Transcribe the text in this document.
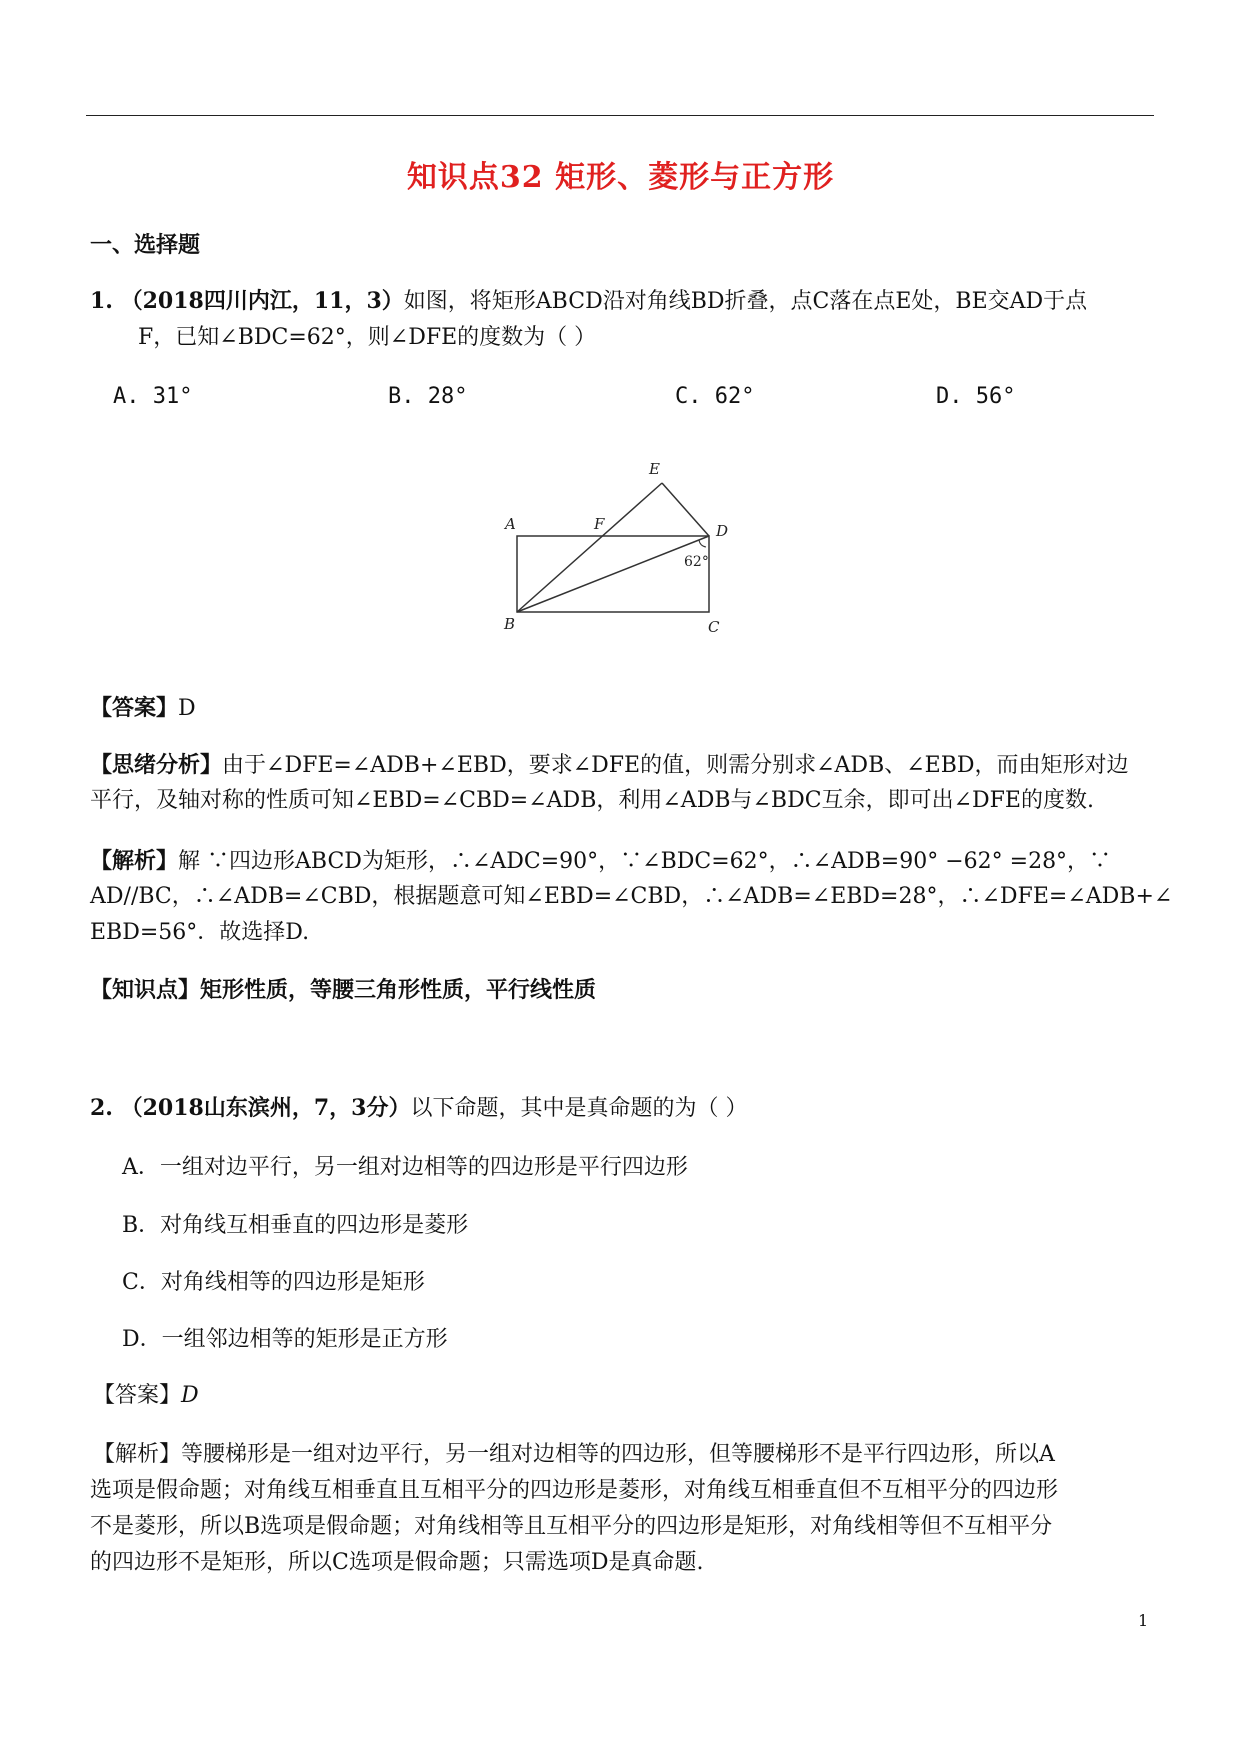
知识点32 矩形、菱形与正方形
一、选择题
1. （2018四川内江，11，3）如图，将矩形ABCD沿对角线BD折叠，点C落在点E处，BE交AD于点
F，已知∠BDC=62°，则∠DFE的度数为（ ）
A. 31°	B. 28°	C. 62°	D. 56°
A
B	C
D
E
F
62°
【答案】D
【思绪分析】由于∠DFE=∠ADB+∠EBD，要求∠DFE的值，则需分别求∠ADB、∠EBD，而由矩形对边
平行，及轴对称的性质可知∠EBD=∠CBD=∠ADB，利用∠ADB与∠BDC互余，即可出∠DFE的度数.
【解析】解 ∵四边形ABCD为矩形，∴∠ADC=90°，∵∠BDC=62°，∴∠ADB=90° −62° =28°，∵
AD//BC，∴∠ADB=∠CBD，根据题意可知∠EBD=∠CBD，∴∠ADB=∠EBD=28°，∴∠DFE=∠ADB+∠
EBD=56°．故选择D.
【知识点】矩形性质，等腰三角形性质，平行线性质
2. （2018山东滨州，7，3分）以下命题，其中是真命题的为（ ）
A．一组对边平行，另一组对边相等的四边形是平行四边形
B．对角线互相垂直的四边形是菱形
C．对角线相等的四边形是矩形
D．一组邻边相等的矩形是正方形
【答案】D
【解析】等腰梯形是一组对边平行，另一组对边相等的四边形，但等腰梯形不是平行四边形，所以A
选项是假命题；对角线互相垂直且互相平分的四边形是菱形，对角线互相垂直但不互相平分的四边形
不是菱形，所以B选项是假命题；对角线相等且互相平分的四边形是矩形，对角线相等但不互相平分
的四边形不是矩形，所以C选项是假命题；只需选项D是真命题.
1
